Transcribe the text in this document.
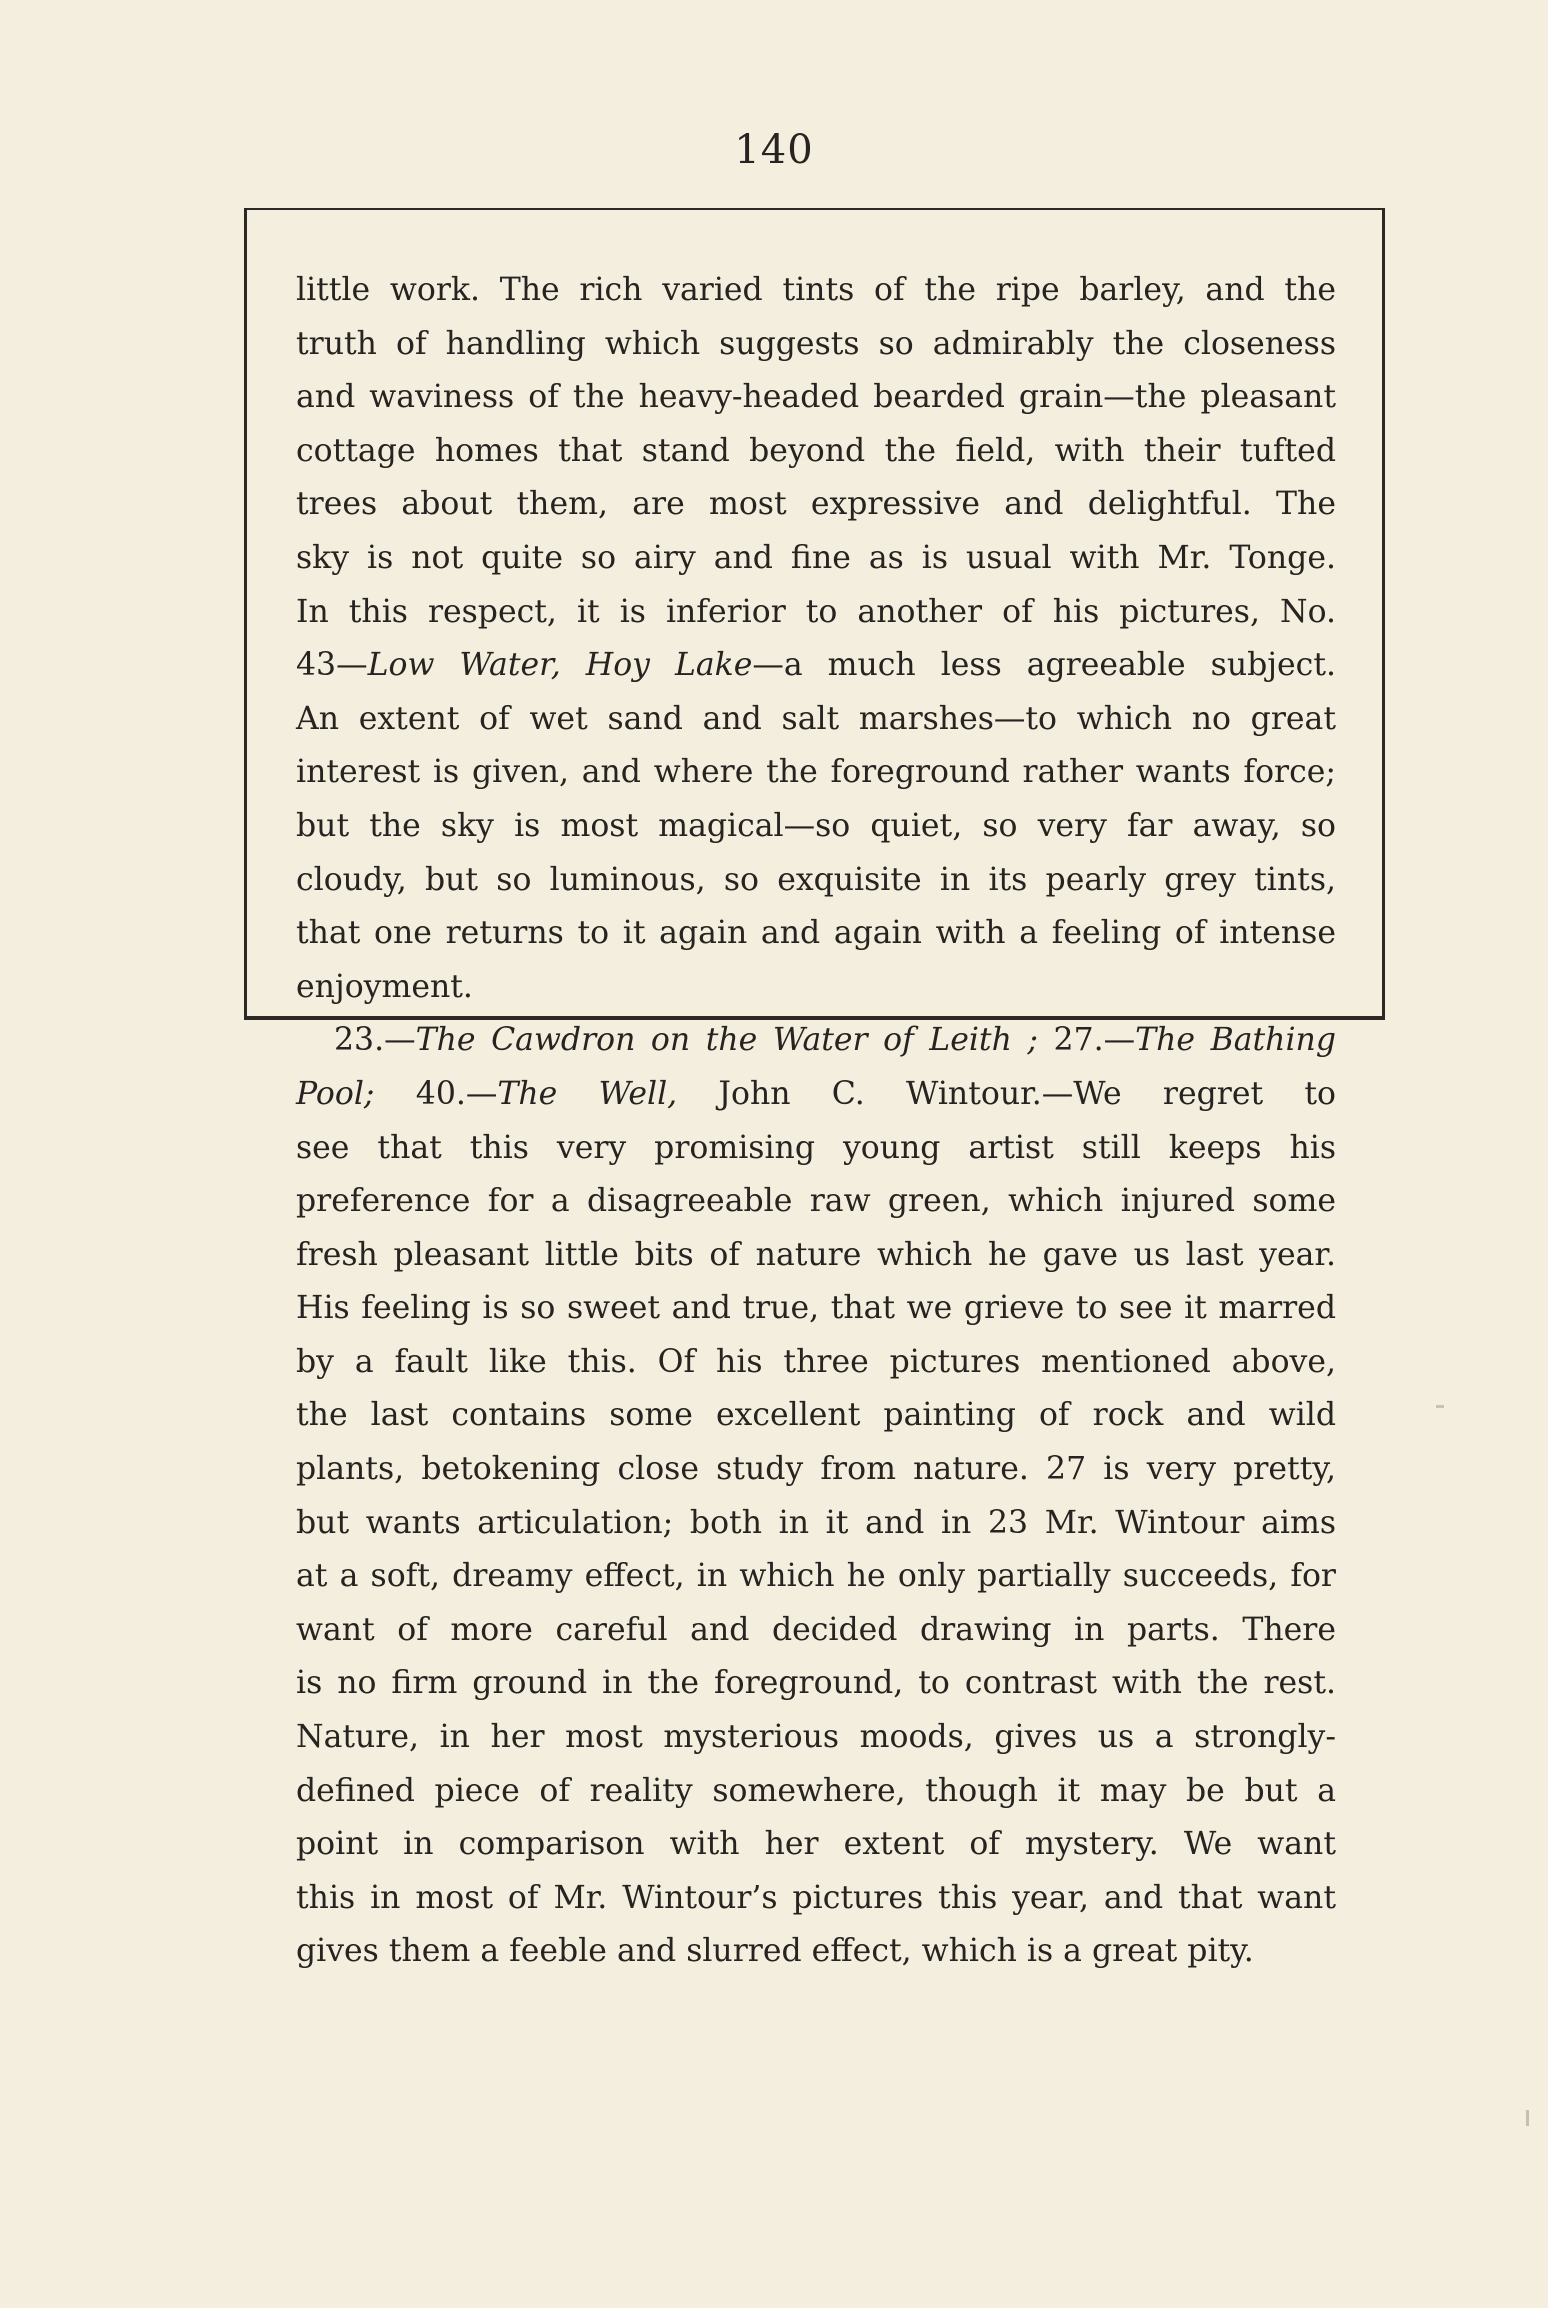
140
little work. The rich varied tints of the ripe barley, and the
truth of handling which suggests so admirably the closeness
and waviness of the heavy-headed bearded grain—the pleasant
cottage homes that stand beyond the field, with their tufted
trees about them, are most expressive and delightful. The
sky is not quite so airy and fine as is usual with Mr. Tonge.
In this respect, it is inferior to another of his pictures, No.
43—Low Water, Hoy Lake—a much less agreeable subject.
An extent of wet sand and salt marshes—to which no great
interest is given, and where the foreground rather wants force;
but the sky is most magical—so quiet, so very far away, so
cloudy, but so luminous, so exquisite in its pearly grey tints,
that one returns to it again and again with a feeling of intense
enjoyment.
23.—The Cawdron on the Water of Leith ; 27.—The Bathing
Pool; 40.—The Well, John C. Wintour.—We regret to
see that this very promising young artist still keeps his
preference for a disagreeable raw green, which injured some
fresh pleasant little bits of nature which he gave us last year.
His feeling is so sweet and true, that we grieve to see it marred
by a fault like this. Of his three pictures mentioned above,
the last contains some excellent painting of rock and wild
plants, betokening close study from nature. 27 is very pretty,
but wants articulation; both in it and in 23 Mr. Wintour aims
at a soft, dreamy effect, in which he only partially succeeds, for
want of more careful and decided drawing in parts. There
is no firm ground in the foreground, to contrast with the rest.
Nature, in her most mysterious moods, gives us a strongly-
defined piece of reality somewhere, though it may be but a
point in comparison with her extent of mystery. We want
this in most of Mr. Wintour’s pictures this year, and that want
gives them a feeble and slurred effect, which is a great pity.
